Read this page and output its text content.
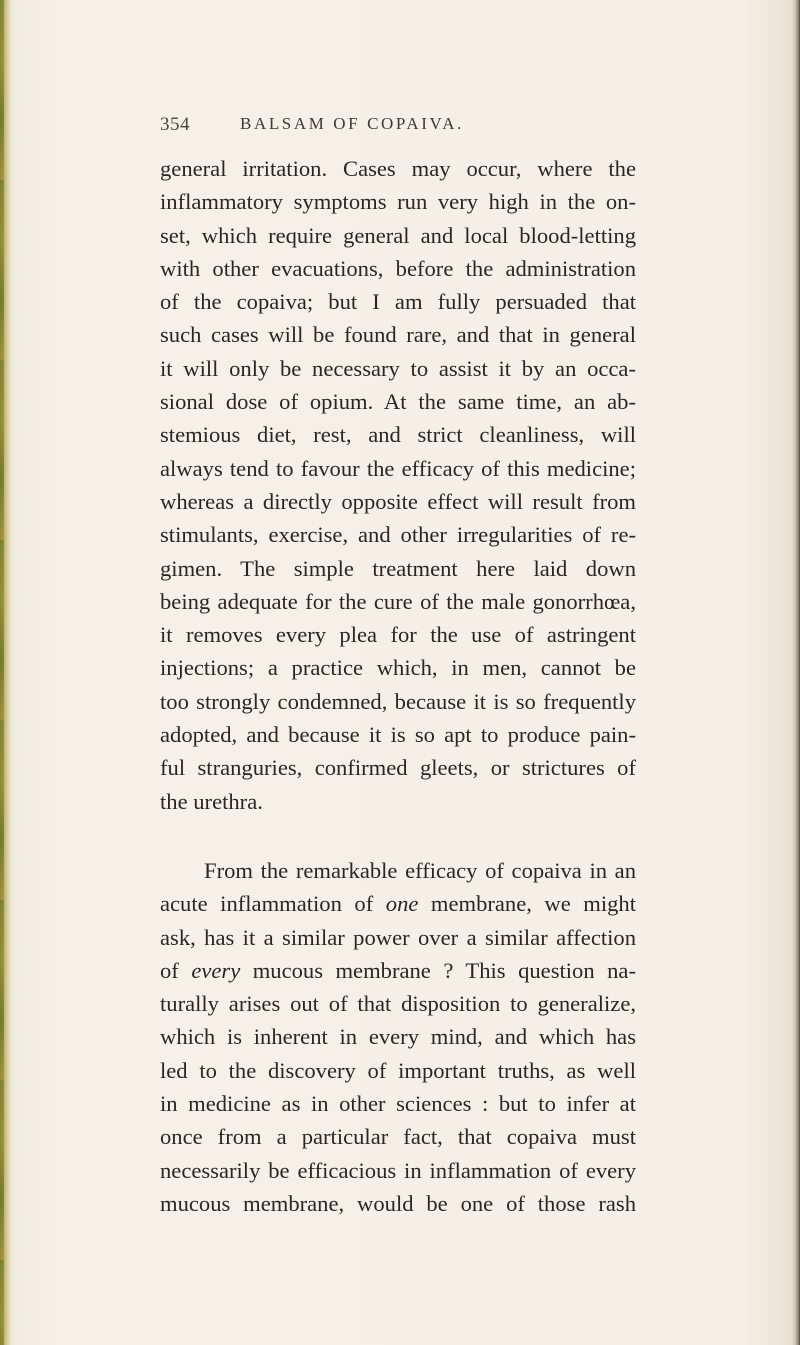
354	BALSAM OF COPAIVA.
general irritation. Cases may occur, where the
inflammatory symptoms run very high in the on-
set, which require general and local blood-letting
with other evacuations, before the administration
of the copaiva; but I am fully persuaded that
such cases will be found rare, and that in general
it will only be necessary to assist it by an occa-
sional dose of opium. At the same time, an ab-
stemious diet, rest, and strict cleanliness, will
always tend to favour the efficacy of this medicine;
whereas a directly opposite effect will result from
stimulants, exercise, and other irregularities of re-
gimen. The simple treatment here laid down
being adequate for the cure of the male gonorrhœa,
it removes every plea for the use of astringent
injections; a practice which, in men, cannot be
too strongly condemned, because it is so frequently
adopted, and because it is so apt to produce pain-
ful stranguries, confirmed gleets, or strictures of
the urethra.
From the remarkable efficacy of copaiva in an
acute inflammation of one membrane, we might
ask, has it a similar power over a similar affection
of every mucous membrane ? This question na-
turally arises out of that disposition to generalize,
which is inherent in every mind, and which has
led to the discovery of important truths, as well
in medicine as in other sciences : but to infer at
once from a particular fact, that copaiva must
necessarily be efficacious in inflammation of every
mucous membrane, would be one of those rash
